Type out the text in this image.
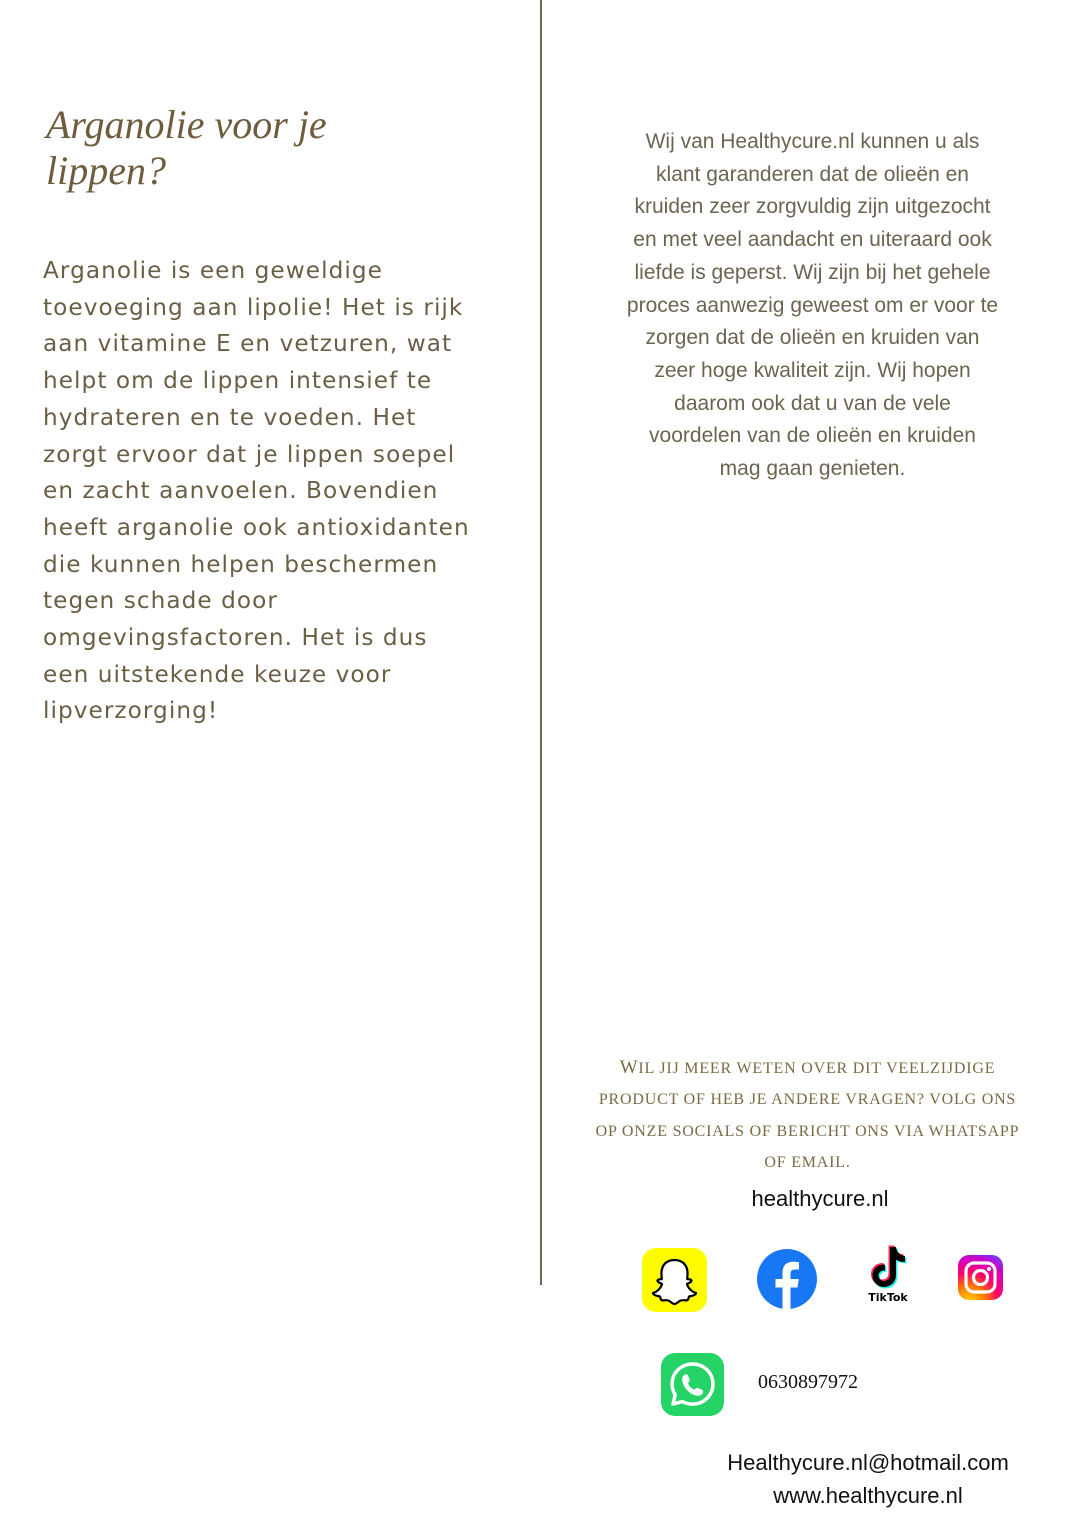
Arganolie voor je
lippen?

Arganolie is een geweldige
toevoeging aan lipolie! Het is rijk
aan vitamine E en vetzuren, wat
helpt om de lippen intensief te
hydrateren en te voeden. Het
zorgt ervoor dat je lippen soepel
en zacht aanvoelen. Bovendien
heeft arganolie ook antioxidanten
die kunnen helpen beschermen
tegen schade door
omgevingsfactoren. Het is dus
een uitstekende keuze voor
lipverzorging!

Wij van Healthycure.nl kunnen u als
klant garanderen dat de olieën en
kruiden zeer zorgvuldig zijn uitgezocht
en met veel aandacht en uiteraard ook
liefde is geperst. Wij zijn bij het gehele
proces aanwezig geweest om er voor te
zorgen dat de olieën en kruiden van
zeer hoge kwaliteit zijn. Wij hopen
daarom ook dat u van de vele
voordelen van de olieën en kruiden
mag gaan genieten.

WIL JIJ MEER WETEN OVER DIT VEELZIJDIGE
PRODUCT OF HEB JE ANDERE VRAGEN? VOLG ONS
OP ONZE SOCIALS OF BERICHT ONS VIA WHATSAPP
OF EMAIL.

healthycure.nl
TikTok
0630897972
Healthycure.nl@hotmail.com
www.healthycure.nl
